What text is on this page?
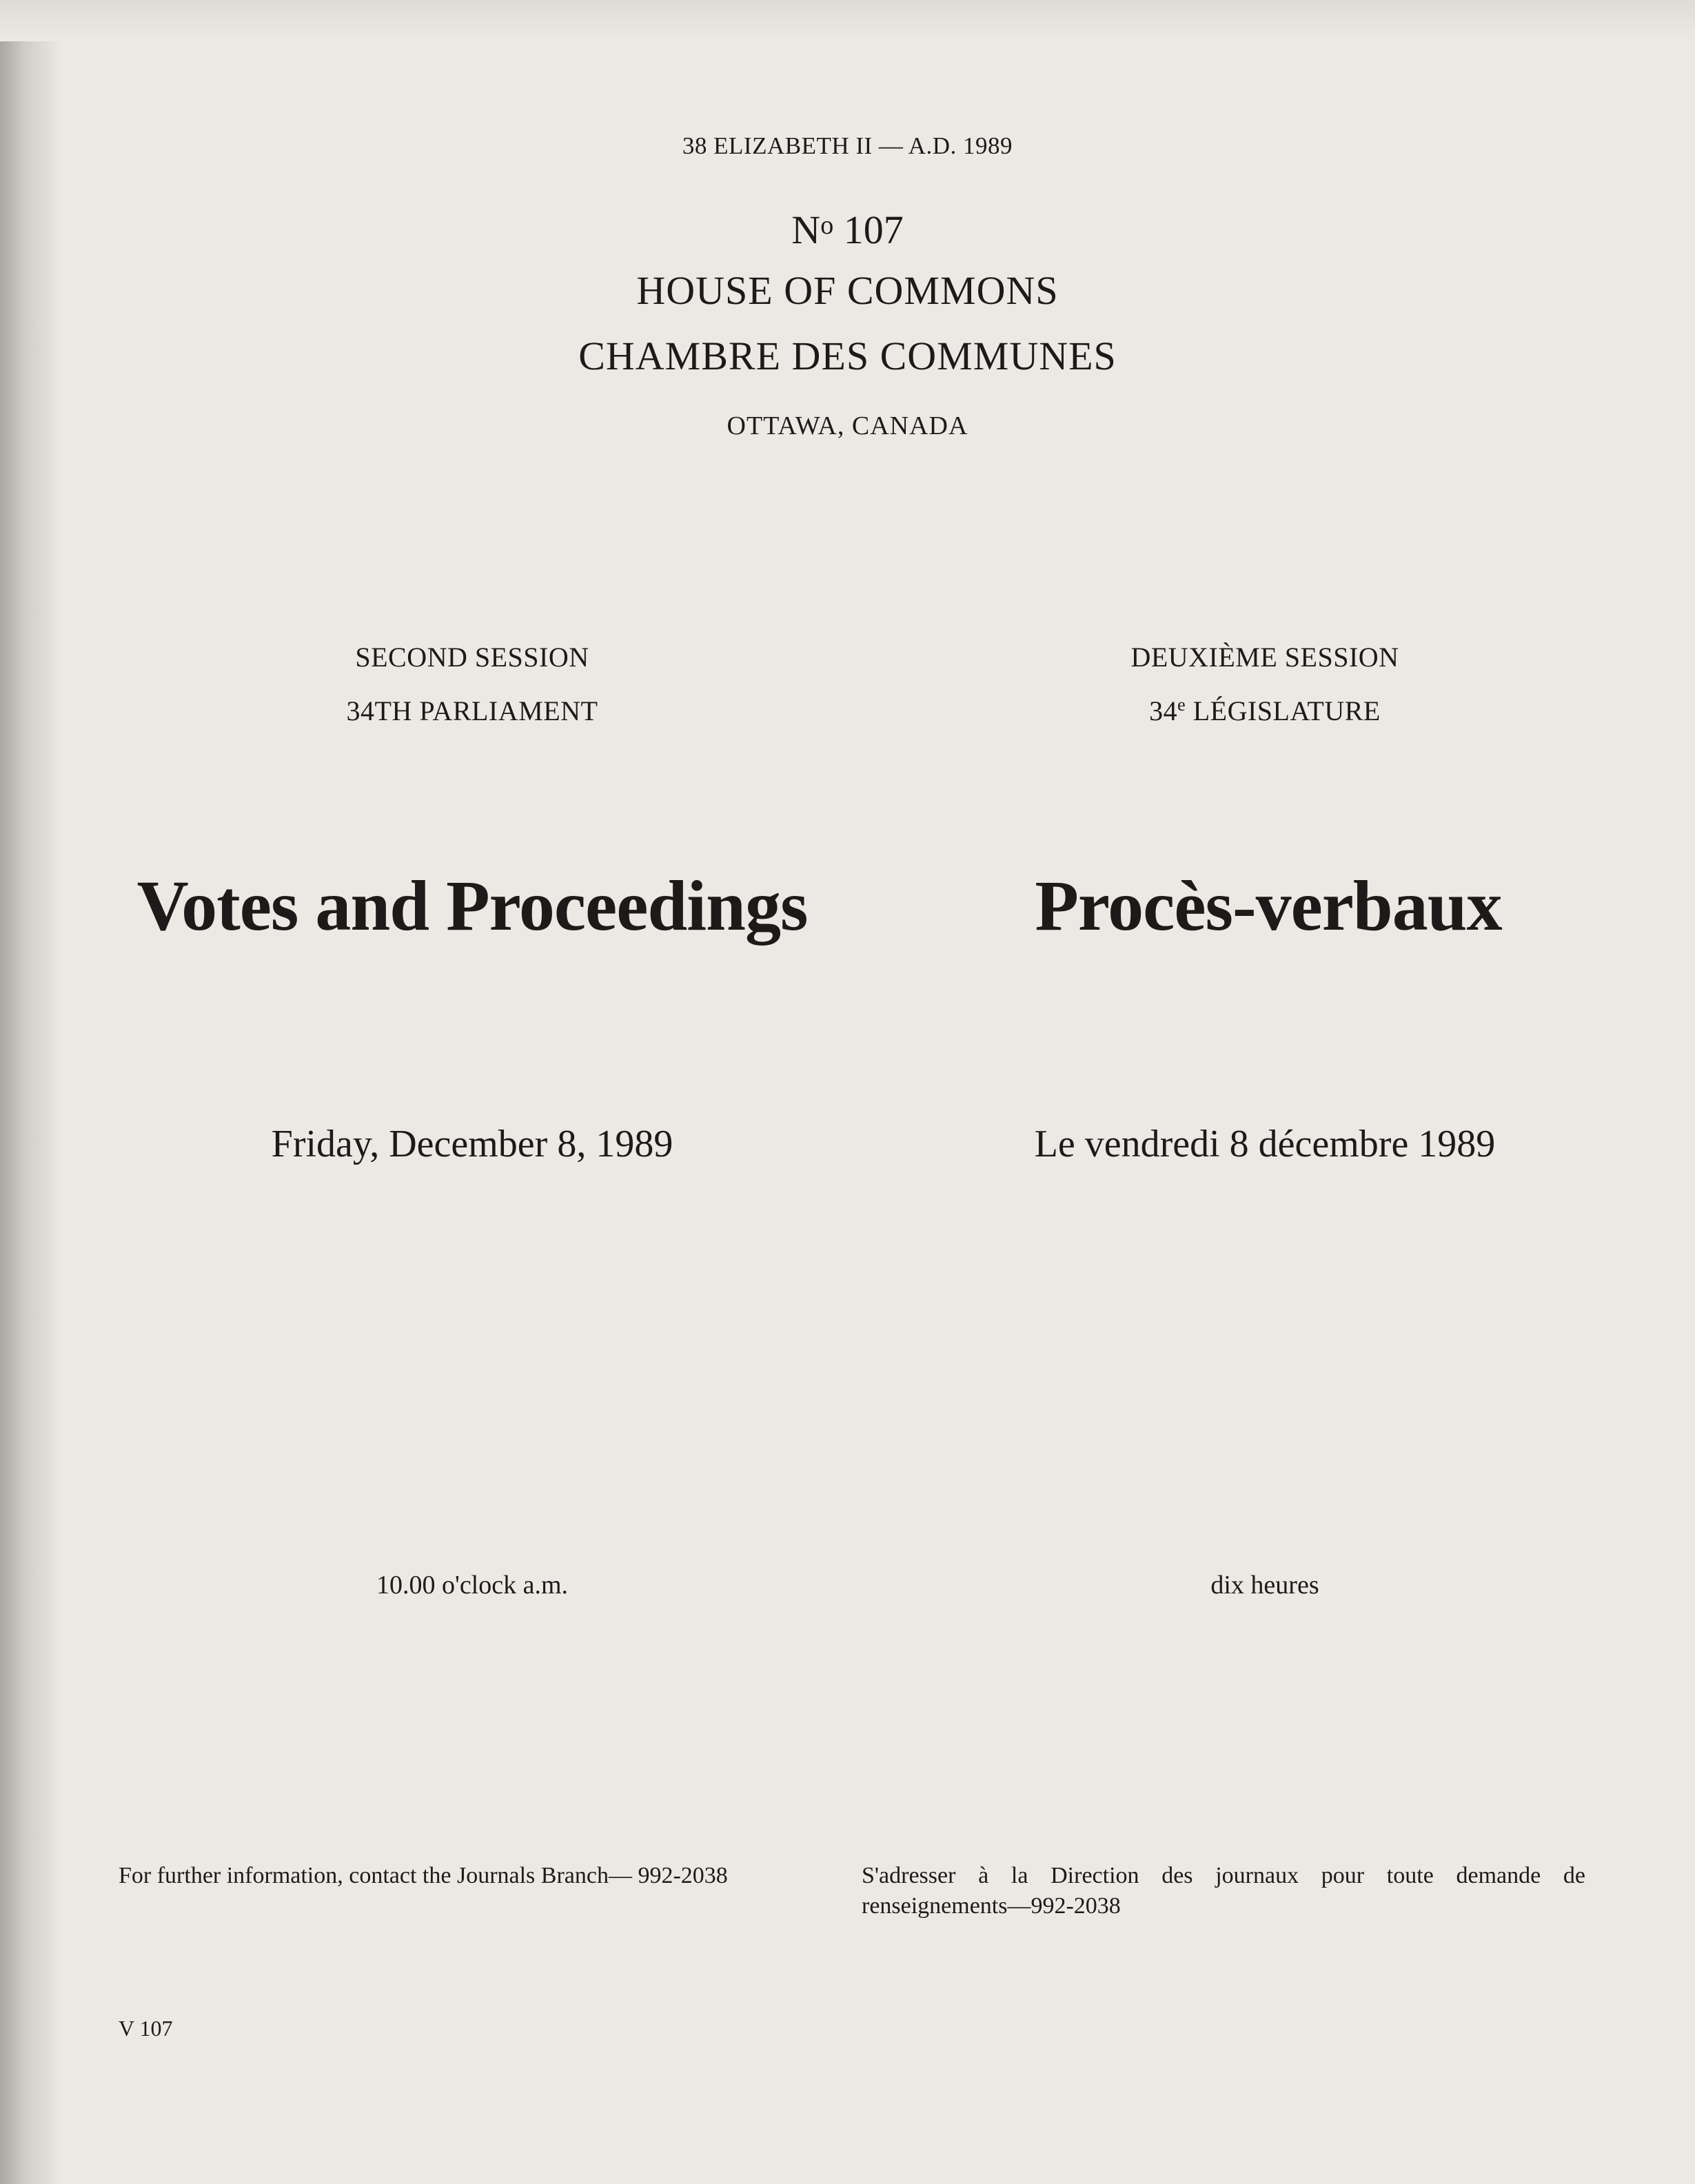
38 ELIZABETH II — A.D. 1989
$N^o$ 107
HOUSE OF COMMONS
CHAMBRE DES COMMUNES
OTTAWA, CANADA
SECOND SESSION
34TH PARLIAMENT
DEUXIÈME SESSION
34e LÉGISLATURE
Votes and Proceedings	Procès-verbaux
Friday, December 8, 1989	Le vendredi 8 décembre 1989
10.00 o'clock a.m.	dix heures
For further information, contact the Journals Branch— 992-2038	S'adresser à la Direction des journaux pour toute demande de renseignements—992-2038
V 107
